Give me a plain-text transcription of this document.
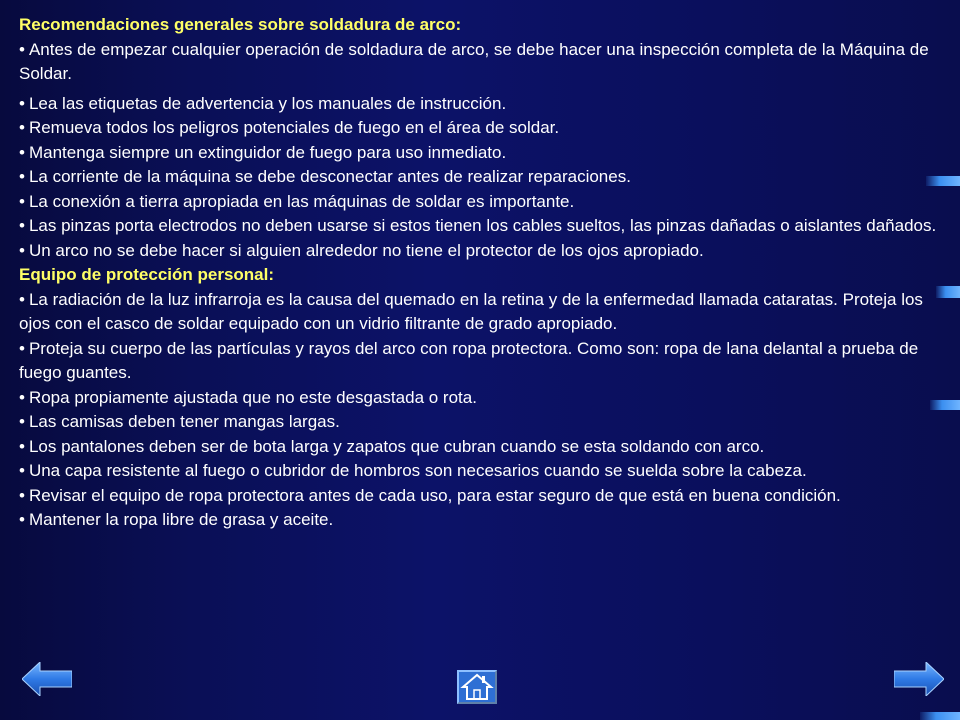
Recomendaciones generales sobre soldadura de arco:

• Antes de empezar cualquier operación de soldadura de arco, se debe hacer una inspección completa de la Máquina de Soldar.

• Lea las etiquetas de advertencia y los manuales de instrucción.

• Remueva todos los peligros potenciales de fuego en el área de soldar.

• Mantenga siempre un extinguidor de fuego para uso inmediato.

• La corriente de la máquina se debe desconectar antes de realizar reparaciones.

• La conexión a tierra apropiada en las máquinas de soldar es importante.

• Las pinzas porta electrodos no deben usarse si estos tienen los cables sueltos, las pinzas dañadas o aislantes dañados.

• Un arco no se debe hacer si alguien alrededor no tiene el protector de los ojos apropiado.

Equipo de protección personal:

• La radiación de la luz infrarroja es la causa del quemado en la retina y de la enfermedad llamada cataratas. Proteja los ojos con el casco de soldar equipado con un vidrio filtrante de grado apropiado.

• Proteja su cuerpo de las partículas y rayos del arco con ropa protectora. Como son: ropa de lana delantal a prueba de fuego guantes.

• Ropa propiamente ajustada que no este desgastada o rota.

• Las camisas deben tener mangas largas.

• Los pantalones deben ser de bota larga y zapatos que cubran cuando se esta soldando con arco.

• Una capa resistente al fuego o cubridor de hombros son necesarios cuando se suelda sobre la cabeza.

• Revisar el equipo de ropa protectora antes de cada uso, para estar seguro de que está en buena condición.

• Mantener la ropa libre de grasa y aceite.
